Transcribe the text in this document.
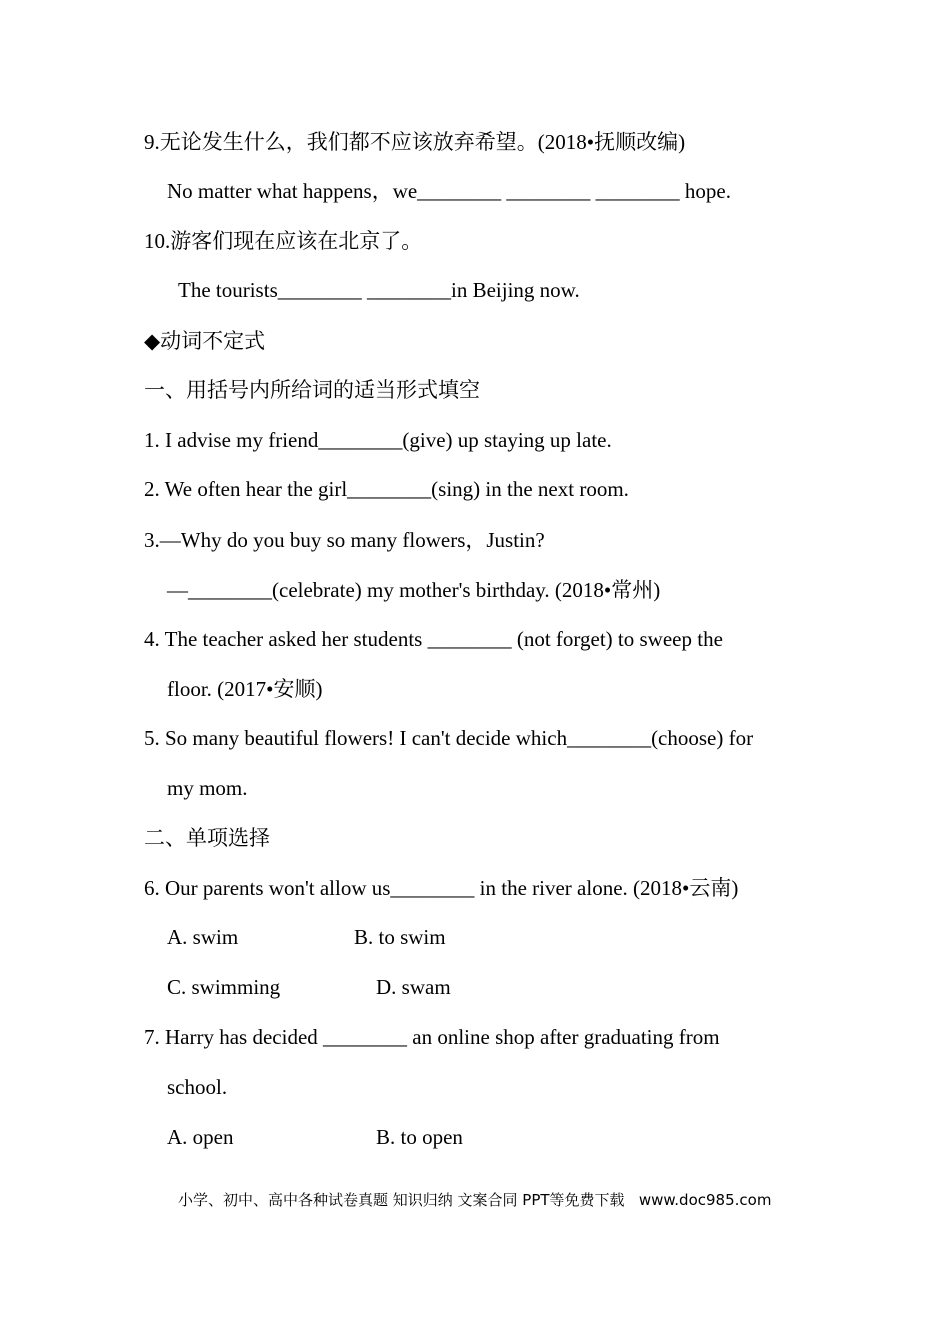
9.无论发生什么，我们都不应该放弃希望。(2018•抚顺改编)
No matter what happens，we________ ________ ________ hope.
10.游客们现在应该在北京了。
The tourists________ ________in Beijing now.
◆动词不定式
一、用括号内所给词的适当形式填空
1. I advise my friend________(give) up staying up late.
2. We often hear the girl________(sing) in the next room.
3.—Why do you buy so many flowers，Justin?
—________(celebrate) my mother's birthday. (2018•常州)
4. The teacher asked her students ________ (not forget) to sweep the
floor. (2017•安顺)
5. So many beautiful flowers! I can't decide which________(choose) for
my mom.
二、单项选择
6. Our parents won't allow us________ in the river alone. (2018•云南)
A. swim	B. to swim
C. swimming	D. swam
7. Harry has decided ________ an online shop after graduating from
school.
A. open	B. to open
小学、初中、高中各种试卷真题 知识归纳 文案合同 PPT等免费下载   www.doc985.com
